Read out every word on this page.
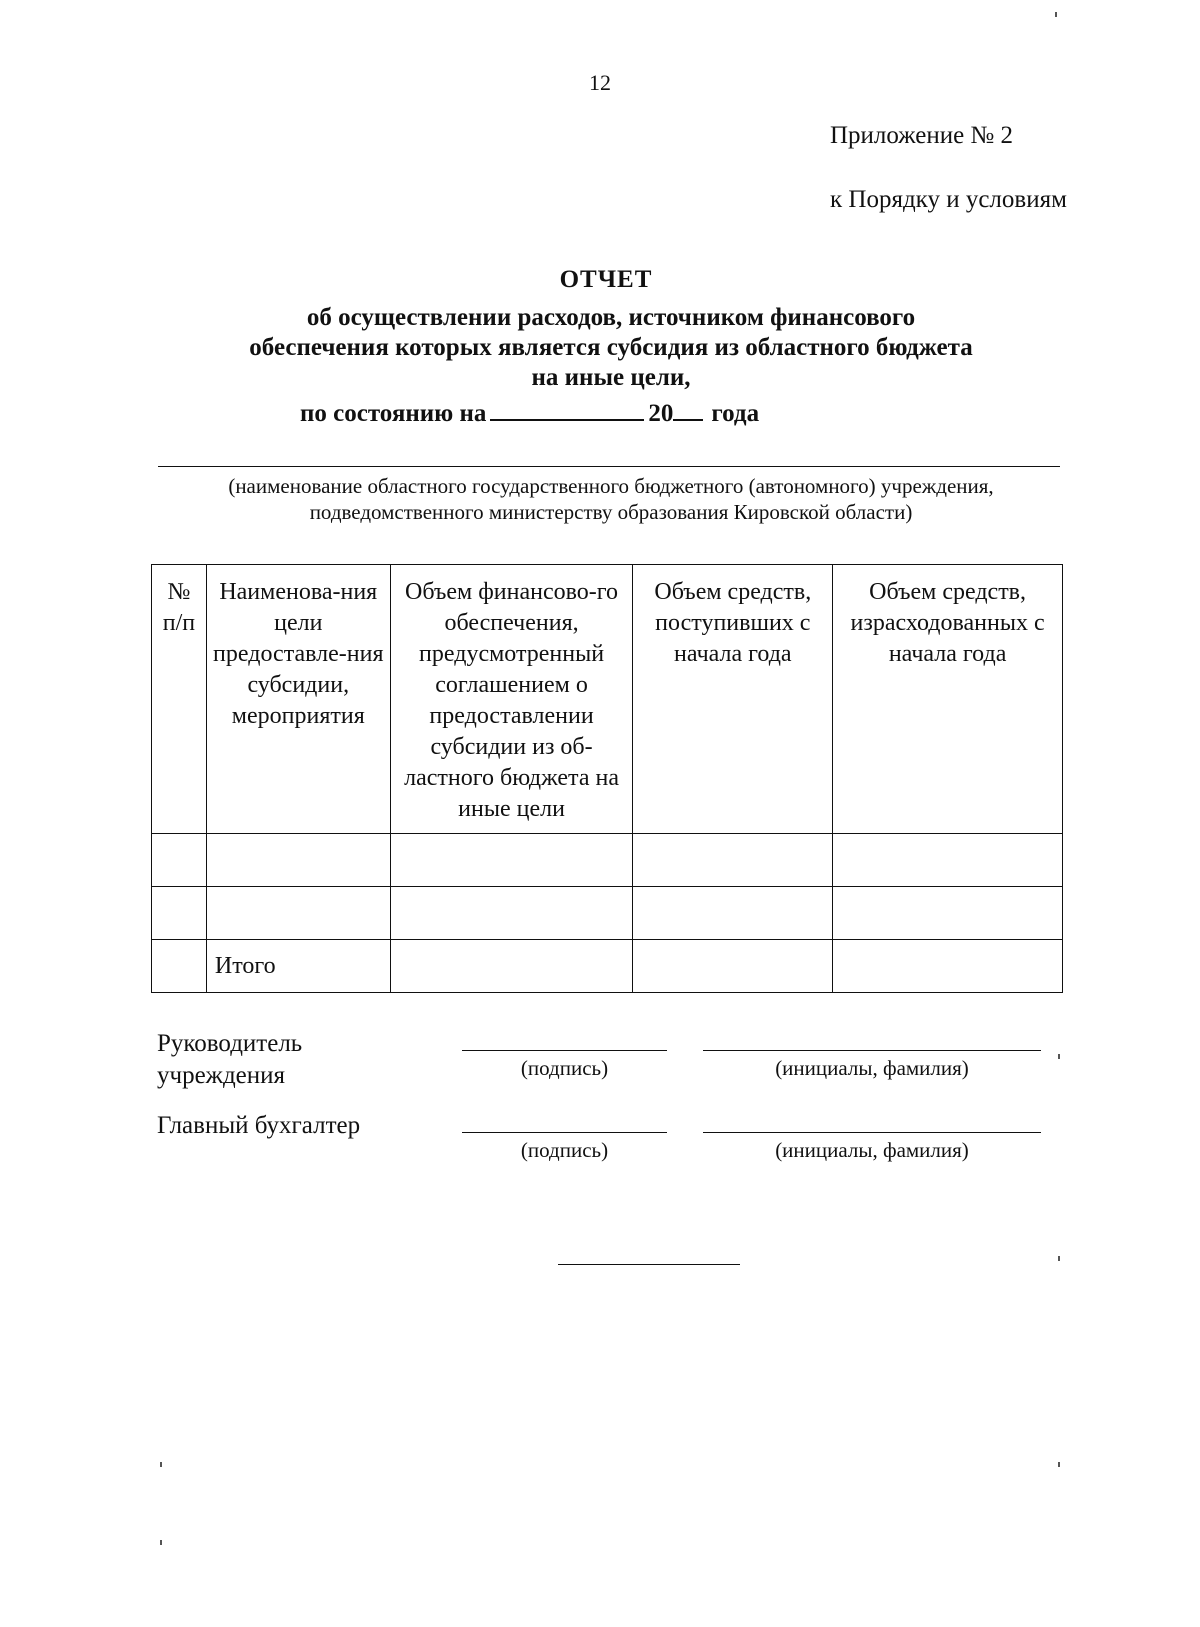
12
Приложение № 2
к Порядку и условиям
ОТЧЕТ
об осуществлении расходов, источником финансового
обеспечения которых является субсидия из областного бюджета
на иные цели,
по состоянию на	20 года
(наименование областного государственного бюджетного (автономного) учреждения,
подведомственного министерству образования Кировской области)
№ п/п	Наименова-ния цели предоставле-ния субсидии, мероприятия	Объем финансово-го обеспечения, предусмотренный соглашением о предоставлении субсидии из об-ластного бюджета на иные цели	Объем средств, поступивших с начала года	Объем средств, израсходованных с начала года

	Итого			
Руководитель
учреждения	(подпись)	(инициалы, фамилия)
Главный бухгалтер
(подпись)	(инициалы, фамилия)
